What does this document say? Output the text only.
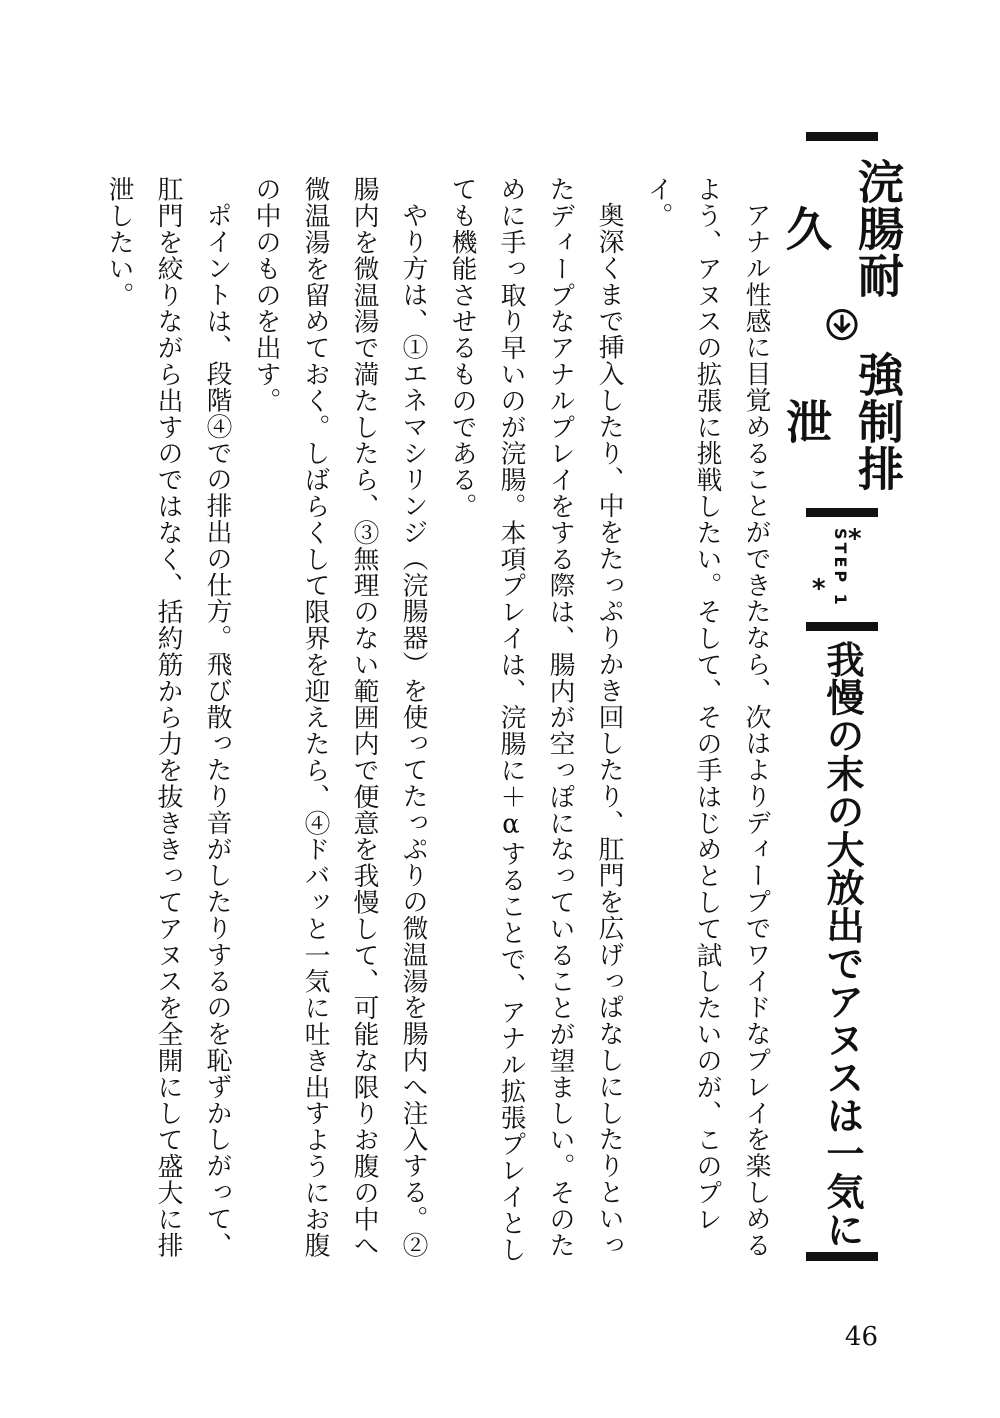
浣腸耐久
強制排泄
*
STEP 1
*
我慢の末の大放出でアヌスは一気に

アナル性感に目覚めることができたなら、次はよりディープでワイドなプレイを楽しめるよう、アヌスの拡張に挑戦したい。そして、その手はじめとして試したいのが、このプレイ。

奥深くまで挿入したり、中をたっぷりかき回したり、肛門を広げっぱなしにしたりといったディープなアナルプレイをする際は、腸内が空っぽになっていることが望ましい。そのために手っ取り早いのが浣腸。本項プレイは、浣腸に＋αすることで、アナル拡張プレイとしても機能させるものである。

やり方は、①エネマシリンジ（浣腸器）を使ってたっぷりの微温湯を腸内へ注入する。②腸内を微温湯で満たしたら、③無理のない範囲内で便意を我慢して、可能な限りお腹の中へ微温湯を留めておく。しばらくして限界を迎えたら、④ドバッと一気に吐き出すようにお腹の中のものを出す。

ポイントは、段階④での排出の仕方。飛び散ったり音がしたりするのを恥ずかしがって、肛門を絞りながら出すのではなく、括約筋から力を抜ききってアヌスを全開にして盛大に排泄したい。

46
